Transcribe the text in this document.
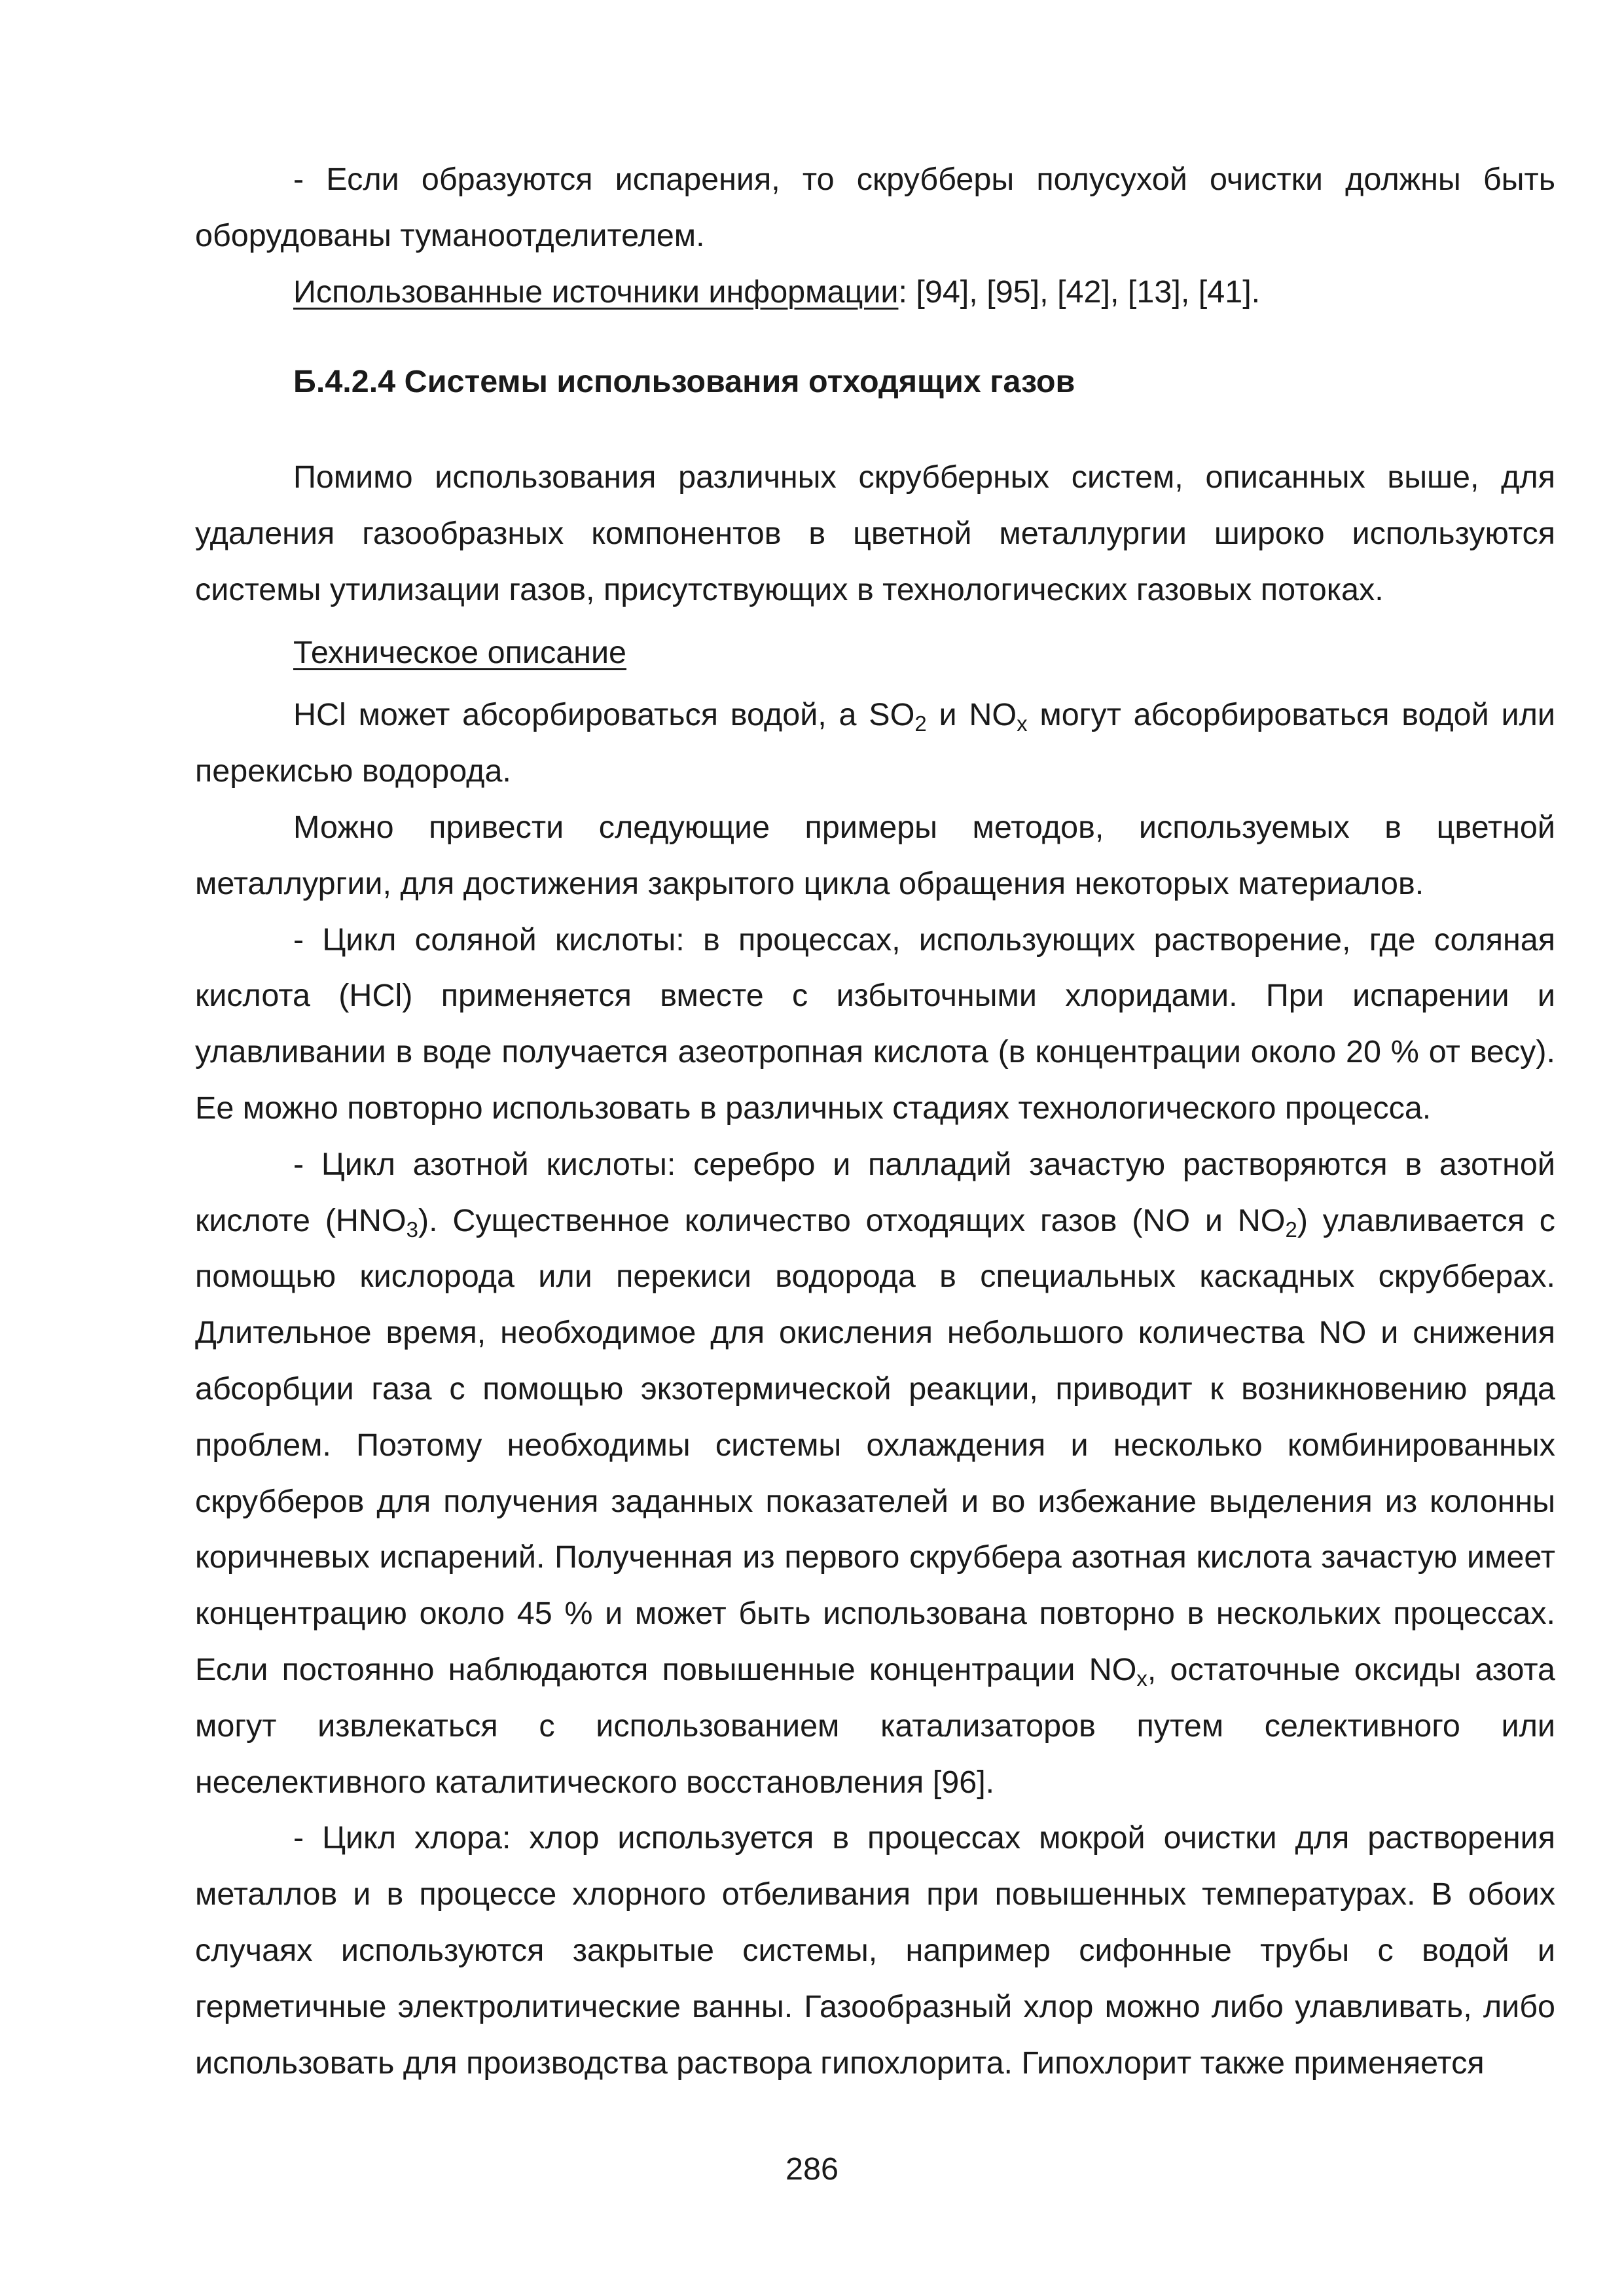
- Если образуются испарения, то скрубберы полусухой очистки должны быть оборудованы туманоотделителем.

Использованные источники информации: [94], [95], [42], [13], [41].

Б.4.2.4 Системы использования отходящих газов

Помимо использования различных скрубберных систем, описанных выше, для удаления газообразных компонентов в цветной металлургии широко используются системы утилизации газов, присутствующих в технологических газовых потоках.

Техническое описание

HCl может абсорбироваться водой, а $SO_2$ и $NO_x$ могут абсорбироваться водой или перекисью водорода.

Можно привести следующие примеры методов, используемых в цветной металлургии, для достижения закрытого цикла обращения некоторых материалов.

- Цикл соляной кислоты: в процессах, использующих растворение, где соляная кислота (HCl) применяется вместе с избыточными хлоридами. При испарении и улавливании в воде получается азеотропная кислота (в концентрации около 20 % от весу). Ее можно повторно использовать в различных стадиях технологического процесса.

- Цикл азотной кислоты: серебро и палладий зачастую растворяются в азотной кислоте $(HNO_3)$. Существенное количество отходящих газов (NO и $NO_2$) улавливается с помощью кислорода или перекиси водорода в специальных каскадных скрубберах. Длительное время, необходимое для окисления небольшого количества NO и снижения абсорбции газа с помощью экзотермической реакции, приводит к возникновению ряда проблем. Поэтому необходимы системы охлаждения и несколько комбинированных скрубберов для получения заданных показателей и во избежание выделения из колонны коричневых испарений. Полученная из первого скруббера азотная кислота зачастую имеет концентрацию около 45 % и может быть использована повторно в нескольких процессах. Если постоянно наблюдаются повышенные концентрации $NO_x$, остаточные оксиды азота могут извлекаться с использованием катализаторов путем селективного или неселективного каталитического восстановления [96].

- Цикл хлора: хлор используется в процессах мокрой очистки для растворения металлов и в процессе хлорного отбеливания при повышенных температурах. В обоих случаях используются закрытые системы, например сифонные трубы с водой и герметичные электролитические ванны. Газообразный хлор можно либо улавливать, либо использовать для производства раствора гипохлорита. Гипохлорит также применяется

286
